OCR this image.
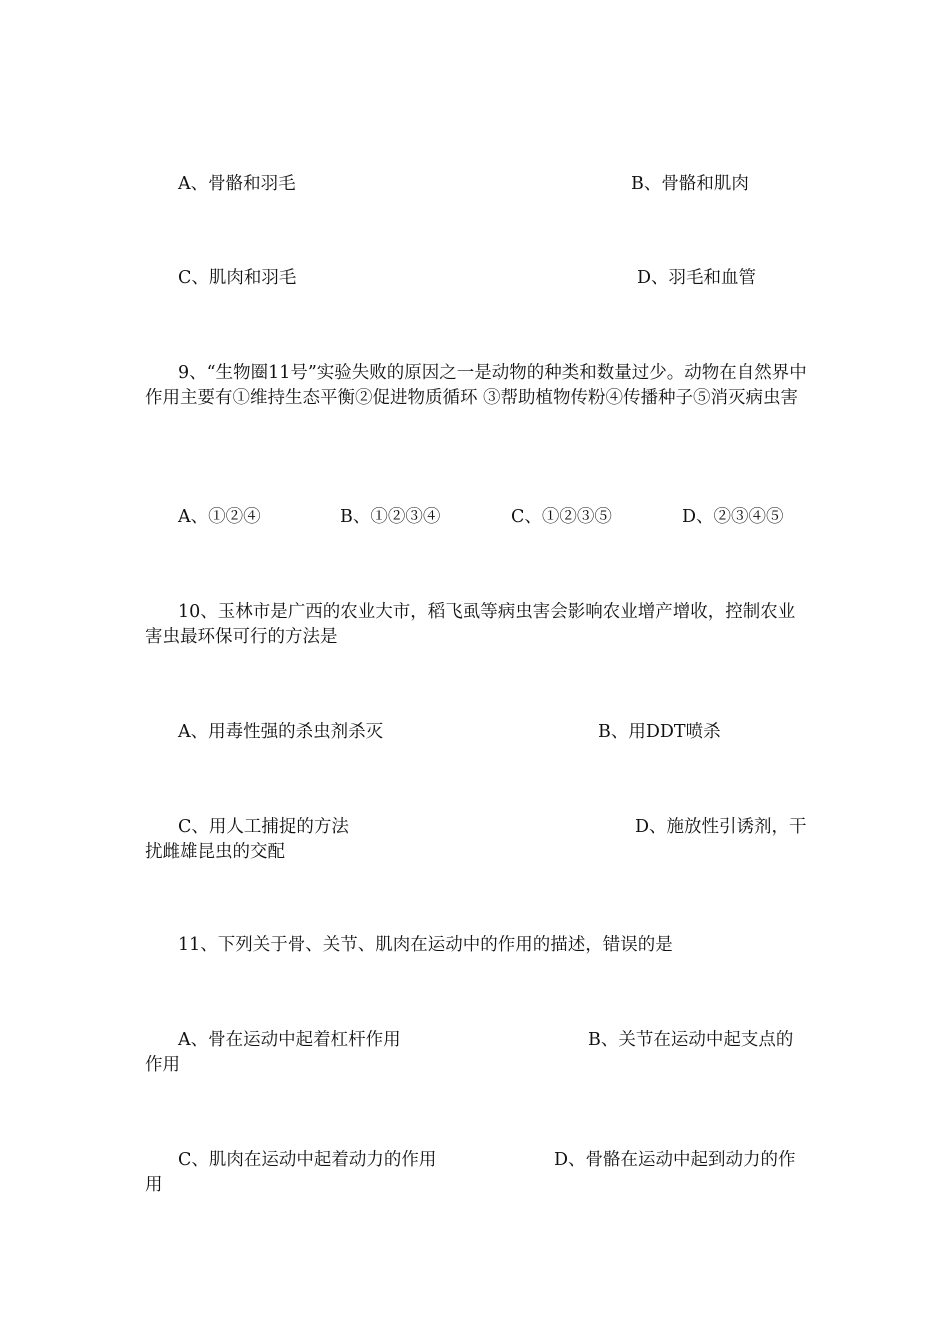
A、骨骼和羽毛	B、骨骼和肌肉
C、肌肉和羽毛	D、羽毛和血管
9、“生物圈11号”实验失败的原因之一是动物的种类和数量过少。动物在自然界中作用主要有①维持生态平衡②促进物质循环 ③帮助植物传粉④传播种子⑤消灭病虫害
A、①②④	B、①②③④	C、①②③⑤	D、②③④⑤
10、玉林市是广西的农业大市，稻飞虱等病虫害会影响农业增产增收，控制农业害虫最环保可行的方法是
A、用毒性强的杀虫剂杀灭	B、用DDT喷杀
C、用人工捕捉的方法	D、施放性引诱剂，干
扰雌雄昆虫的交配
11、下列关于骨、关节、肌肉在运动中的作用的描述，错误的是
A、骨在运动中起着杠杆作用	B、关节在运动中起支点的
作用
C、肌肉在运动中起着动力的作用	D、骨骼在运动中起到动力的作
用
